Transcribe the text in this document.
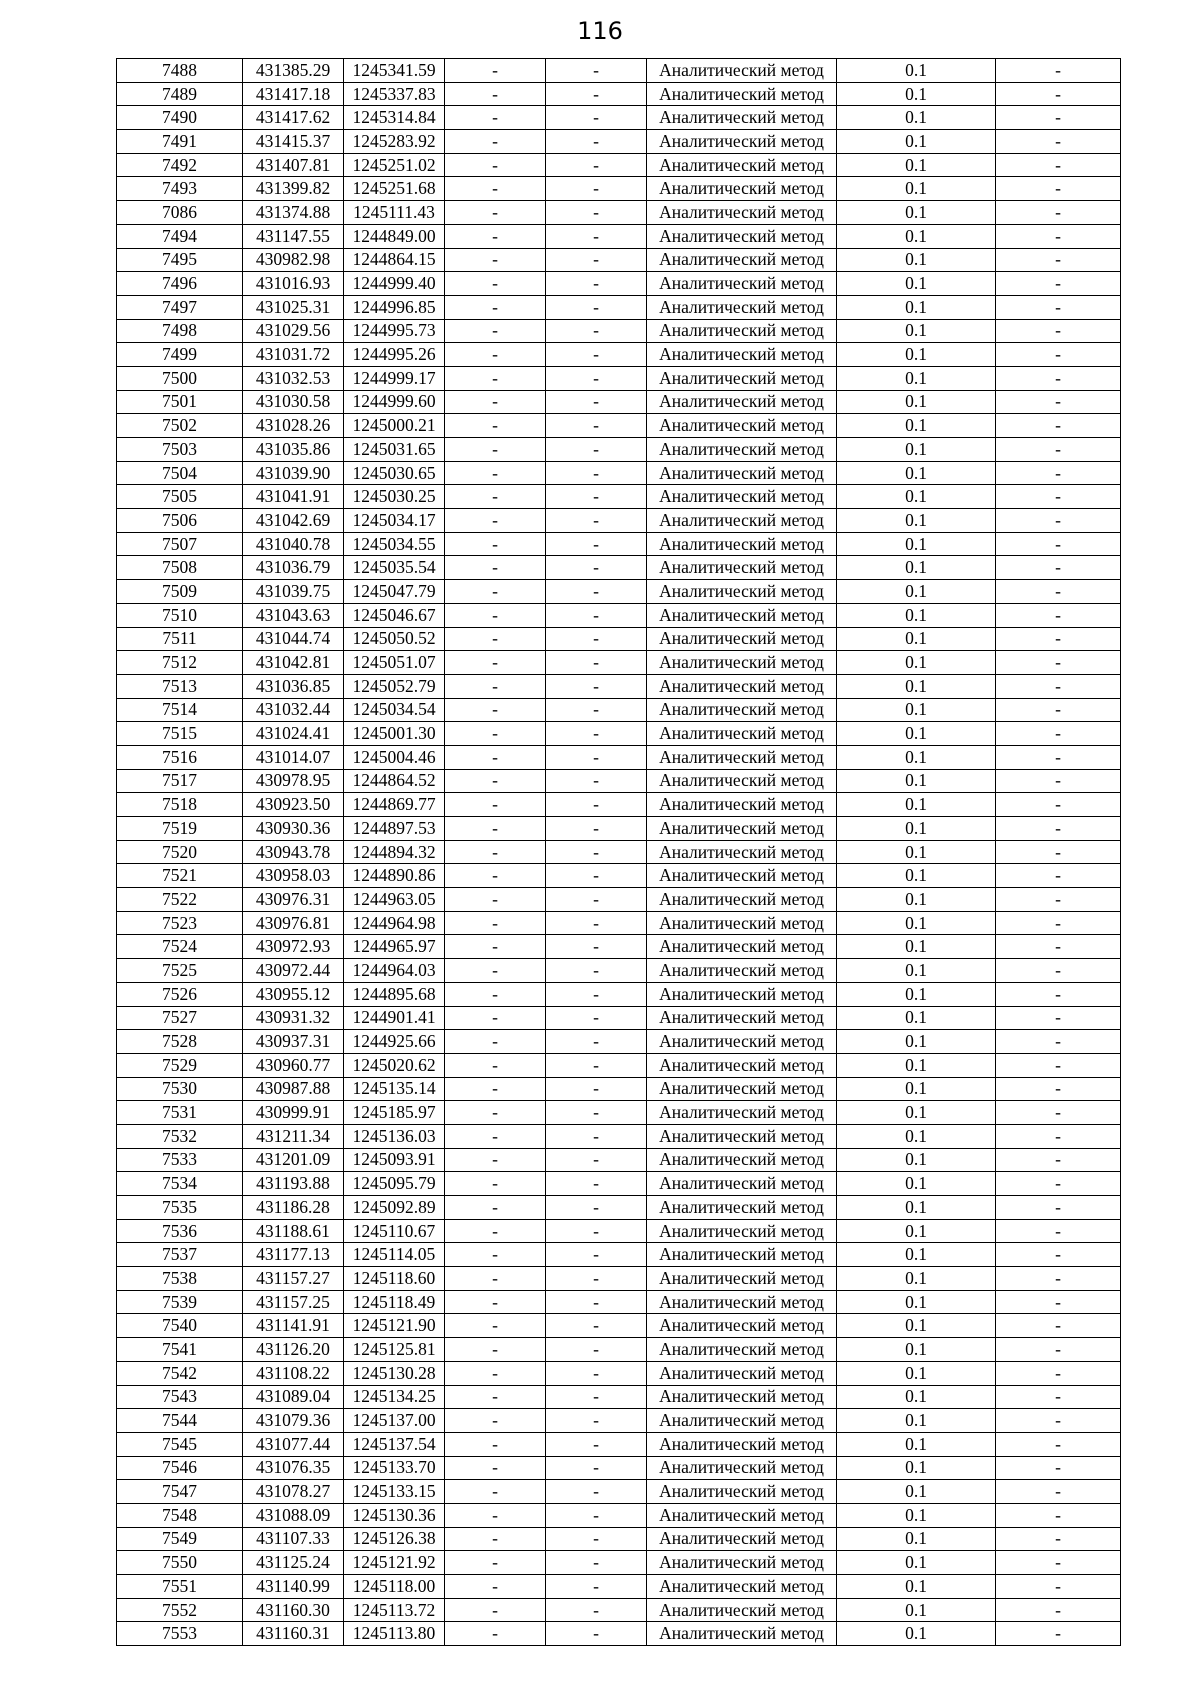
116
7488	431385.29	1245341.59	-	-	Аналитический метод	0.1	-
7489	431417.18	1245337.83	-	-	Аналитический метод	0.1	-
7490	431417.62	1245314.84	-	-	Аналитический метод	0.1	-
7491	431415.37	1245283.92	-	-	Аналитический метод	0.1	-
7492	431407.81	1245251.02	-	-	Аналитический метод	0.1	-
7493	431399.82	1245251.68	-	-	Аналитический метод	0.1	-
7086	431374.88	1245111.43	-	-	Аналитический метод	0.1	-
7494	431147.55	1244849.00	-	-	Аналитический метод	0.1	-
7495	430982.98	1244864.15	-	-	Аналитический метод	0.1	-
7496	431016.93	1244999.40	-	-	Аналитический метод	0.1	-
7497	431025.31	1244996.85	-	-	Аналитический метод	0.1	-
7498	431029.56	1244995.73	-	-	Аналитический метод	0.1	-
7499	431031.72	1244995.26	-	-	Аналитический метод	0.1	-
7500	431032.53	1244999.17	-	-	Аналитический метод	0.1	-
7501	431030.58	1244999.60	-	-	Аналитический метод	0.1	-
7502	431028.26	1245000.21	-	-	Аналитический метод	0.1	-
7503	431035.86	1245031.65	-	-	Аналитический метод	0.1	-
7504	431039.90	1245030.65	-	-	Аналитический метод	0.1	-
7505	431041.91	1245030.25	-	-	Аналитический метод	0.1	-
7506	431042.69	1245034.17	-	-	Аналитический метод	0.1	-
7507	431040.78	1245034.55	-	-	Аналитический метод	0.1	-
7508	431036.79	1245035.54	-	-	Аналитический метод	0.1	-
7509	431039.75	1245047.79	-	-	Аналитический метод	0.1	-
7510	431043.63	1245046.67	-	-	Аналитический метод	0.1	-
7511	431044.74	1245050.52	-	-	Аналитический метод	0.1	-
7512	431042.81	1245051.07	-	-	Аналитический метод	0.1	-
7513	431036.85	1245052.79	-	-	Аналитический метод	0.1	-
7514	431032.44	1245034.54	-	-	Аналитический метод	0.1	-
7515	431024.41	1245001.30	-	-	Аналитический метод	0.1	-
7516	431014.07	1245004.46	-	-	Аналитический метод	0.1	-
7517	430978.95	1244864.52	-	-	Аналитический метод	0.1	-
7518	430923.50	1244869.77	-	-	Аналитический метод	0.1	-
7519	430930.36	1244897.53	-	-	Аналитический метод	0.1	-
7520	430943.78	1244894.32	-	-	Аналитический метод	0.1	-
7521	430958.03	1244890.86	-	-	Аналитический метод	0.1	-
7522	430976.31	1244963.05	-	-	Аналитический метод	0.1	-
7523	430976.81	1244964.98	-	-	Аналитический метод	0.1	-
7524	430972.93	1244965.97	-	-	Аналитический метод	0.1	-
7525	430972.44	1244964.03	-	-	Аналитический метод	0.1	-
7526	430955.12	1244895.68	-	-	Аналитический метод	0.1	-
7527	430931.32	1244901.41	-	-	Аналитический метод	0.1	-
7528	430937.31	1244925.66	-	-	Аналитический метод	0.1	-
7529	430960.77	1245020.62	-	-	Аналитический метод	0.1	-
7530	430987.88	1245135.14	-	-	Аналитический метод	0.1	-
7531	430999.91	1245185.97	-	-	Аналитический метод	0.1	-
7532	431211.34	1245136.03	-	-	Аналитический метод	0.1	-
7533	431201.09	1245093.91	-	-	Аналитический метод	0.1	-
7534	431193.88	1245095.79	-	-	Аналитический метод	0.1	-
7535	431186.28	1245092.89	-	-	Аналитический метод	0.1	-
7536	431188.61	1245110.67	-	-	Аналитический метод	0.1	-
7537	431177.13	1245114.05	-	-	Аналитический метод	0.1	-
7538	431157.27	1245118.60	-	-	Аналитический метод	0.1	-
7539	431157.25	1245118.49	-	-	Аналитический метод	0.1	-
7540	431141.91	1245121.90	-	-	Аналитический метод	0.1	-
7541	431126.20	1245125.81	-	-	Аналитический метод	0.1	-
7542	431108.22	1245130.28	-	-	Аналитический метод	0.1	-
7543	431089.04	1245134.25	-	-	Аналитический метод	0.1	-
7544	431079.36	1245137.00	-	-	Аналитический метод	0.1	-
7545	431077.44	1245137.54	-	-	Аналитический метод	0.1	-
7546	431076.35	1245133.70	-	-	Аналитический метод	0.1	-
7547	431078.27	1245133.15	-	-	Аналитический метод	0.1	-
7548	431088.09	1245130.36	-	-	Аналитический метод	0.1	-
7549	431107.33	1245126.38	-	-	Аналитический метод	0.1	-
7550	431125.24	1245121.92	-	-	Аналитический метод	0.1	-
7551	431140.99	1245118.00	-	-	Аналитический метод	0.1	-
7552	431160.30	1245113.72	-	-	Аналитический метод	0.1	-
7553	431160.31	1245113.80	-	-	Аналитический метод	0.1	-
